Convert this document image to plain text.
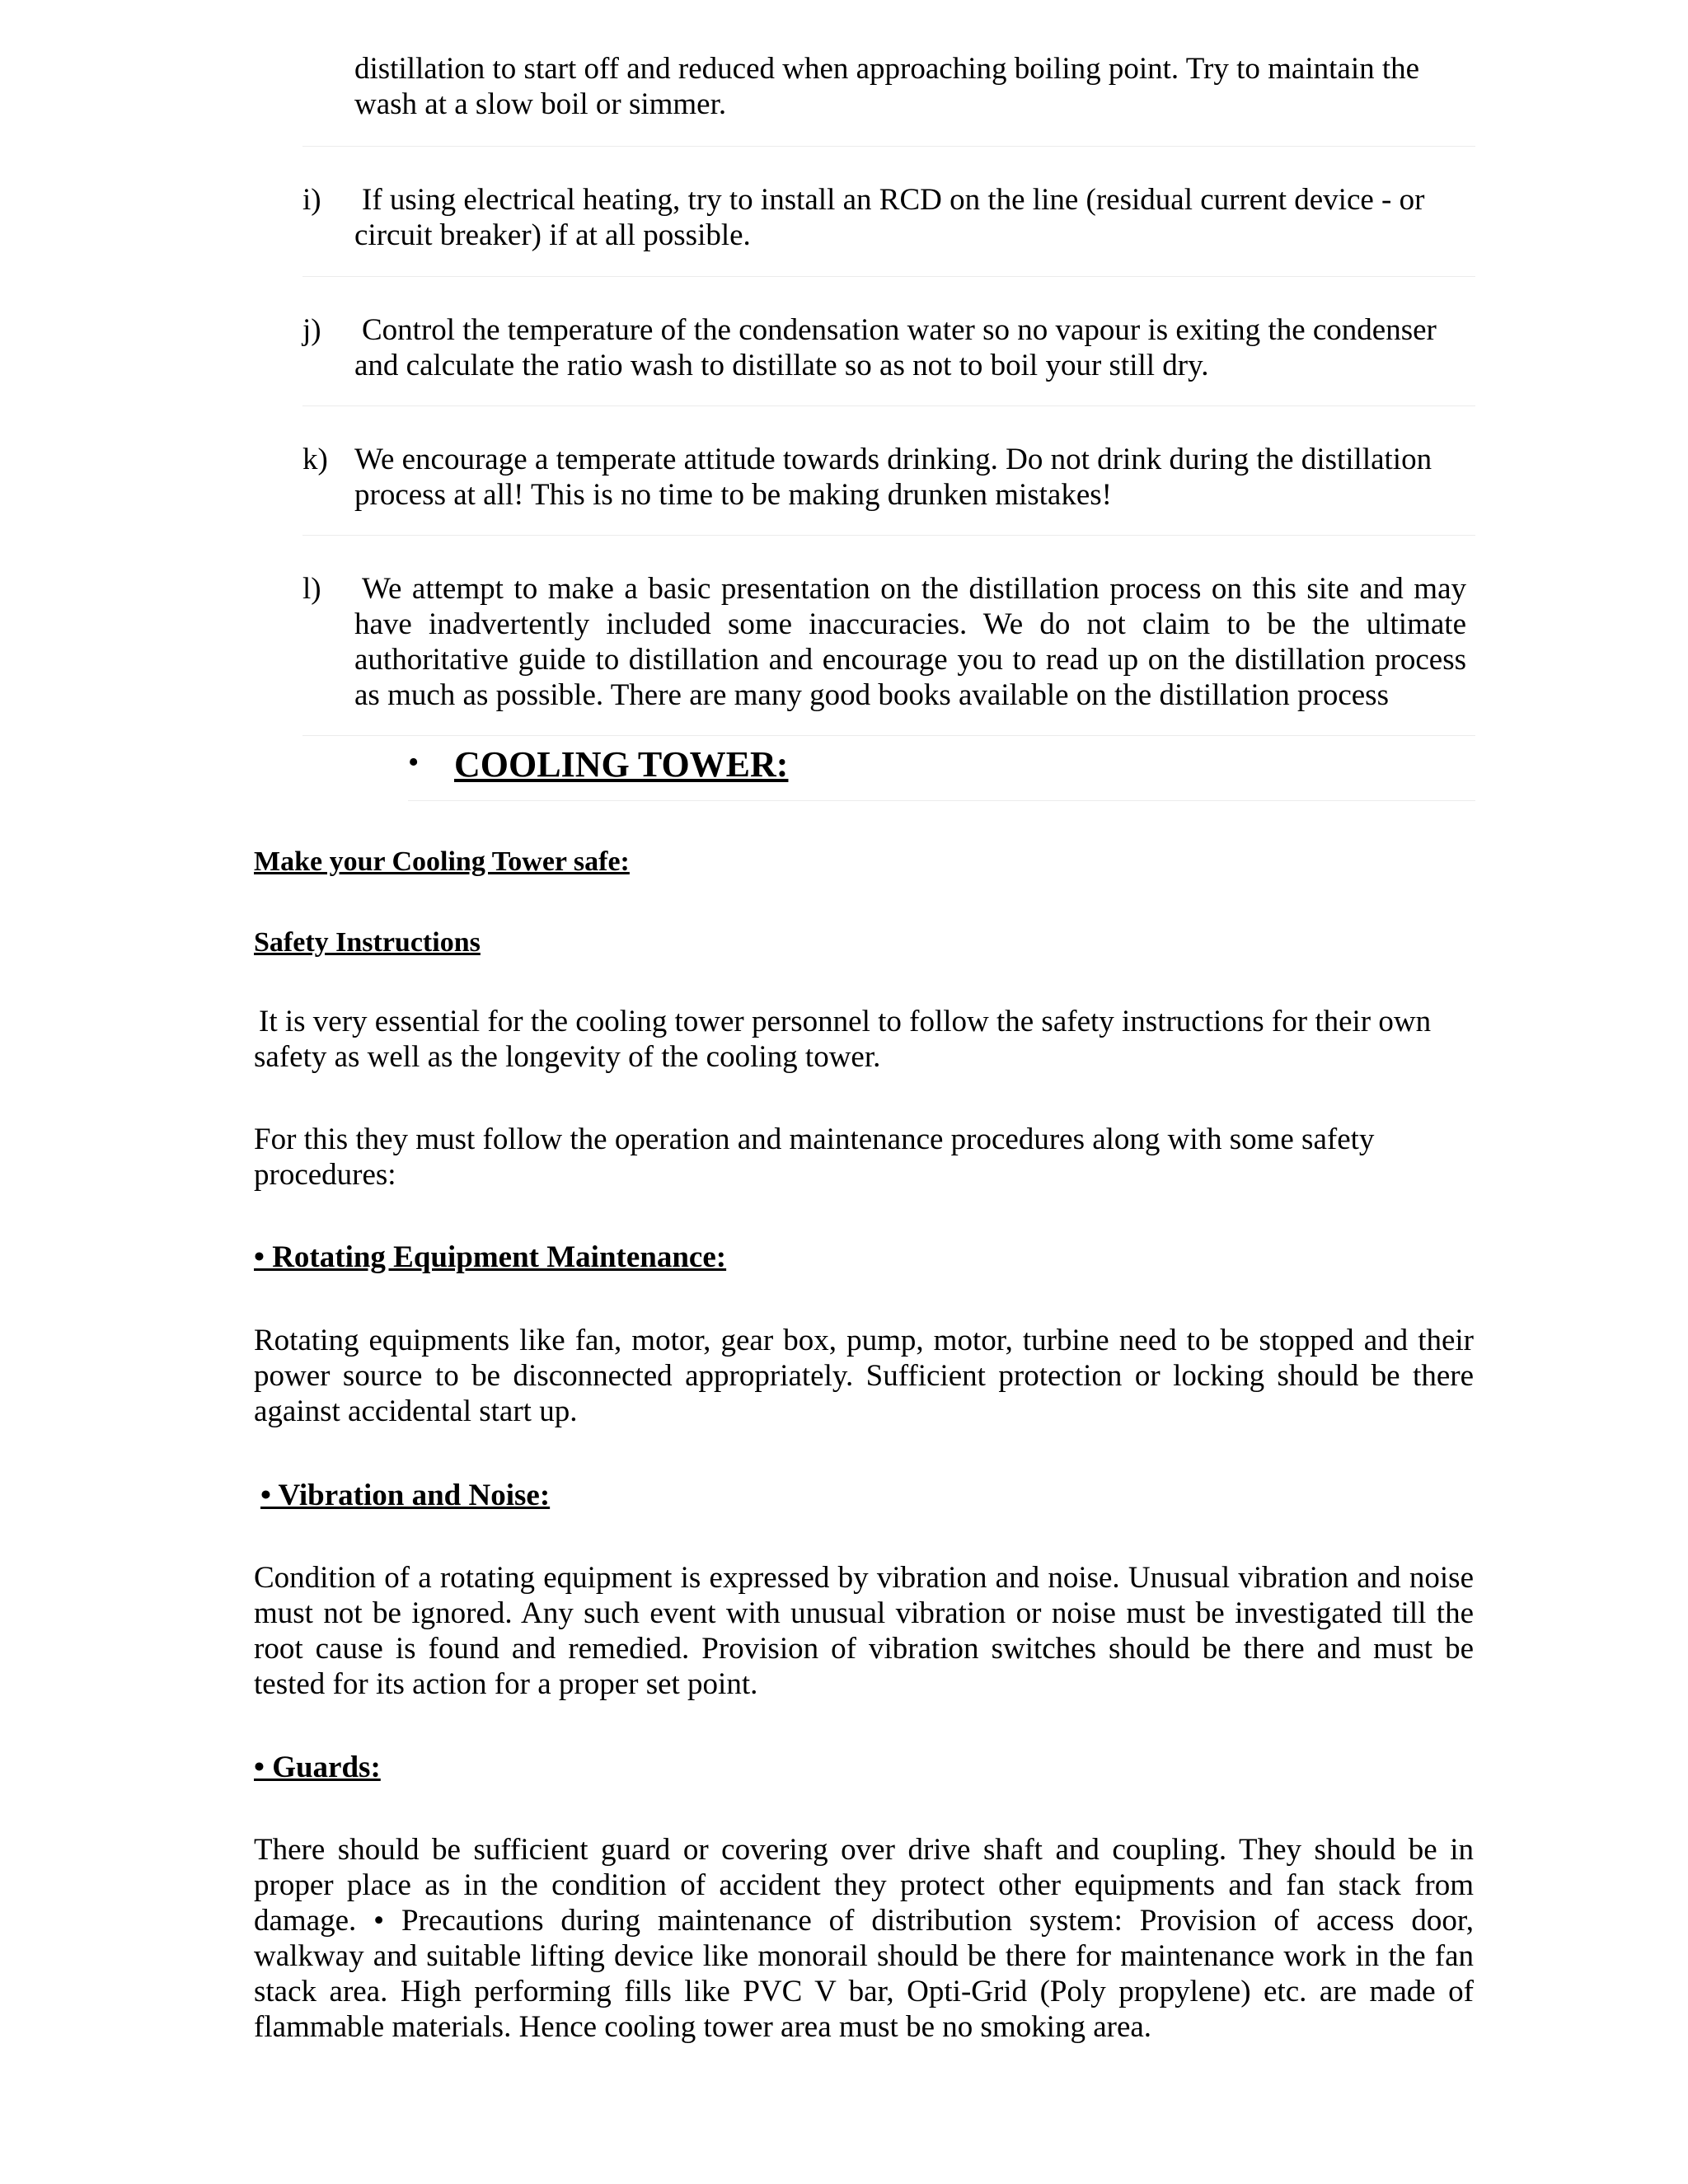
distillation to start off and reduced when approaching boiling point. Try to maintain the wash at a slow boil or simmer.
i) If using electrical heating, try to install an RCD on the line (residual current device - or circuit breaker) if at all possible.
j) Control the temperature of the condensation water so no vapour is exiting the condenser and calculate the ratio wash to distillate so as not to boil your still dry.
k) We encourage a temperate attitude towards drinking. Do not drink during the distillation process at all! This is no time to be making drunken mistakes!
l) We attempt to make a basic presentation on the distillation process on this site and may have inadvertently included some inaccuracies. We do not claim to be the ultimate authoritative guide to distillation and encourage you to read up on the distillation process as much as possible. There are many good books available on the distillation process
• COOLING TOWER:
Make your Cooling Tower safe:
Safety Instructions
It is very essential for the cooling tower personnel to follow the safety instructions for their own safety as well as the longevity of the cooling tower.
For this they must follow the operation and maintenance procedures along with some safety procedures:
• Rotating Equipment Maintenance:
Rotating equipments like fan, motor, gear box, pump, motor, turbine need to be stopped and their power source to be disconnected appropriately. Sufficient protection or locking should be there against accidental start up.
• Vibration and Noise:
Condition of a rotating equipment is expressed by vibration and noise. Unusual vibration and noise must not be ignored. Any such event with unusual vibration or noise must be investigated till the root cause is found and remedied. Provision of vibration switches should be there and must be tested for its action for a proper set point.
• Guards:
There should be sufficient guard or covering over drive shaft and coupling. They should be in proper place as in the condition of accident they protect other equipments and fan stack from damage. • Precautions during maintenance of distribution system: Provision of access door, walkway and suitable lifting device like monorail should be there for maintenance work in the fan stack area. High performing fills like PVC V bar, Opti-Grid (Poly propylene) etc. are made of flammable materials. Hence cooling tower area must be no smoking area.
